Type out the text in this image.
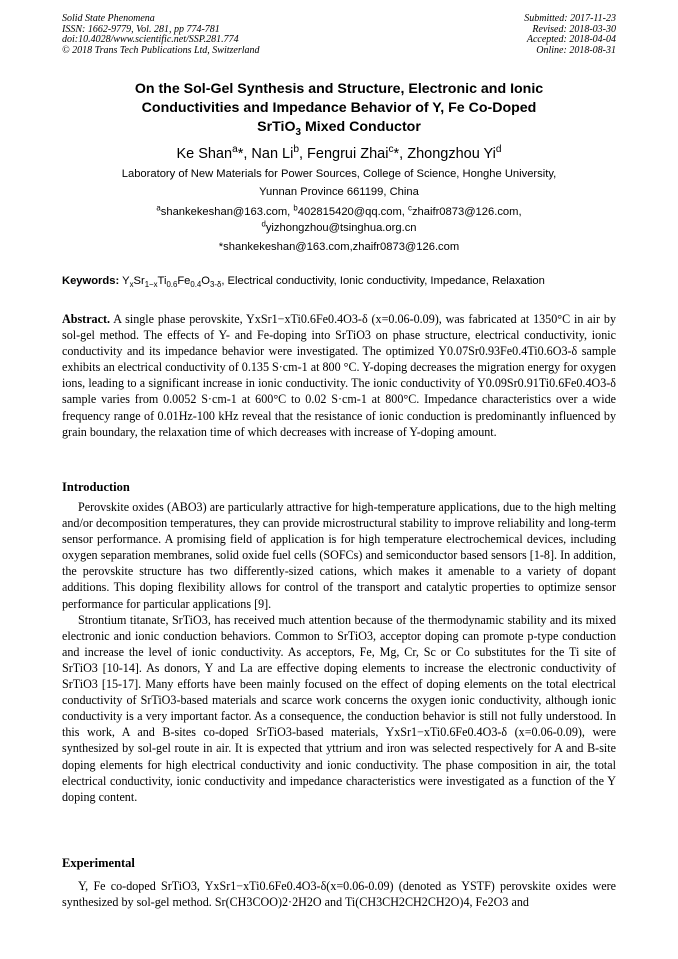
Solid State Phenomena
ISSN: 1662-9779, Vol. 281, pp 774-781
doi:10.4028/www.scientific.net/SSP.281.774
© 2018 Trans Tech Publications Ltd, Switzerland
Submitted: 2017-11-23
Revised: 2018-03-30
Accepted: 2018-04-04
Online: 2018-08-31
On the Sol-Gel Synthesis and Structure, Electronic and Ionic
Conductivities and Impedance Behavior of Y, Fe Co-Doped
SrTiO$_3$ Mixed Conductor
Ke Shan$^a$*, Nan Li$^b$, Fengrui Zhai$^c$*, Zhongzhou Yi$^d$
Laboratory of New Materials for Power Sources, College of Science, Honghe University,
Yunnan Province 661199, China
$^a$shankekeshan@163.com, $^b$402815420@qq.com, $^c$zhaifr0873@126.com,
$^d$yizhongzhou@tsinghua.org.cn
*shankekeshan@163.com,zhaifr0873@126.com
Keywords: $Y_xSr_{1-x}Ti_{0.6}Fe_{0.4}O_{3-\delta}$, Electrical conductivity, Ionic conductivity, Impedance, Relaxation

Abstract. A single phase perovskite, YxSr1−xTi0.6Fe0.4O3-δ (x=0.06-0.09), was fabricated at 1350°C in air by sol-gel method. The effects of Y- and Fe-doping into SrTiO3 on phase structure, electrical conductivity, ionic conductivity and its impedance behavior were investigated. The optimized Y0.07Sr0.93Fe0.4Ti0.6O3-δ sample exhibits an electrical conductivity of 0.135 S·cm-1 at 800 °C. Y-doping decreases the migration energy for oxygen ions, leading to a significant increase in ionic conductivity. The ionic conductivity of Y0.09Sr0.91Ti0.6Fe0.4O3-δ sample varies from 0.0052 S·cm-1 at 600°C to 0.02 S·cm-1 at 800°C. Impedance characteristics over a wide frequency range of 0.01Hz-100 kHz reveal that the resistance of ionic conduction is predominantly influenced by grain boundary, the relaxation time of which decreases with increase of Y-doping amount.

Introduction

Perovskite oxides (ABO3) are particularly attractive for high-temperature applications, due to the high melting and/or decomposition temperatures, they can provide microstructural stability to improve reliability and long-term sensor performance. A promising field of application is for high temperature electrochemical devices, including oxygen separation membranes, solid oxide fuel cells (SOFCs) and semiconductor based sensors [1-8]. In addition, the perovskite structure has two differently-sized cations, which makes it amenable to a variety of dopant additions. This doping flexibility allows for control of the transport and catalytic properties to optimize sensor performance for particular applications [9].

Strontium titanate, SrTiO3, has received much attention because of the thermodynamic stability and its mixed electronic and ionic conduction behaviors. Common to SrTiO3, acceptor doping can promote p-type conduction and increase the level of ionic conductivity. As acceptors, Fe, Mg, Cr, Sc or Co substitutes for the Ti site of SrTiO3 [10-14]. As donors, Y and La are effective doping elements to increase the electronic conductivity of SrTiO3 [15-17]. Many efforts have been mainly focused on the effect of doping elements on the total electrical conductivity of SrTiO3-based materials and scarce work concerns the oxygen ionic conductivity, although ionic conductivity is a very important factor. As a consequence, the conduction behavior is still not fully understood. In this work, A and B-sites co-doped SrTiO3-based materials, YxSr1−xTi0.6Fe0.4O3-δ (x=0.06-0.09), were synthesized by sol-gel route in air. It is expected that yttrium and iron was selected respectively for A and B-site doping elements for high electrical conductivity and ionic conductivity. The phase composition in air, the total electrical conductivity, ionic conductivity and impedance characteristics were investigated as a function of the Y doping content.

Experimental

Y, Fe co-doped SrTiO3, YxSr1−xTi0.6Fe0.4O3-δ(x=0.06-0.09) (denoted as YSTF) perovskite oxides were synthesized by sol-gel method. Sr(CH3COO)2·2H2O and Ti(CH3CH2CH2CH2O)4, Fe2O3 and
